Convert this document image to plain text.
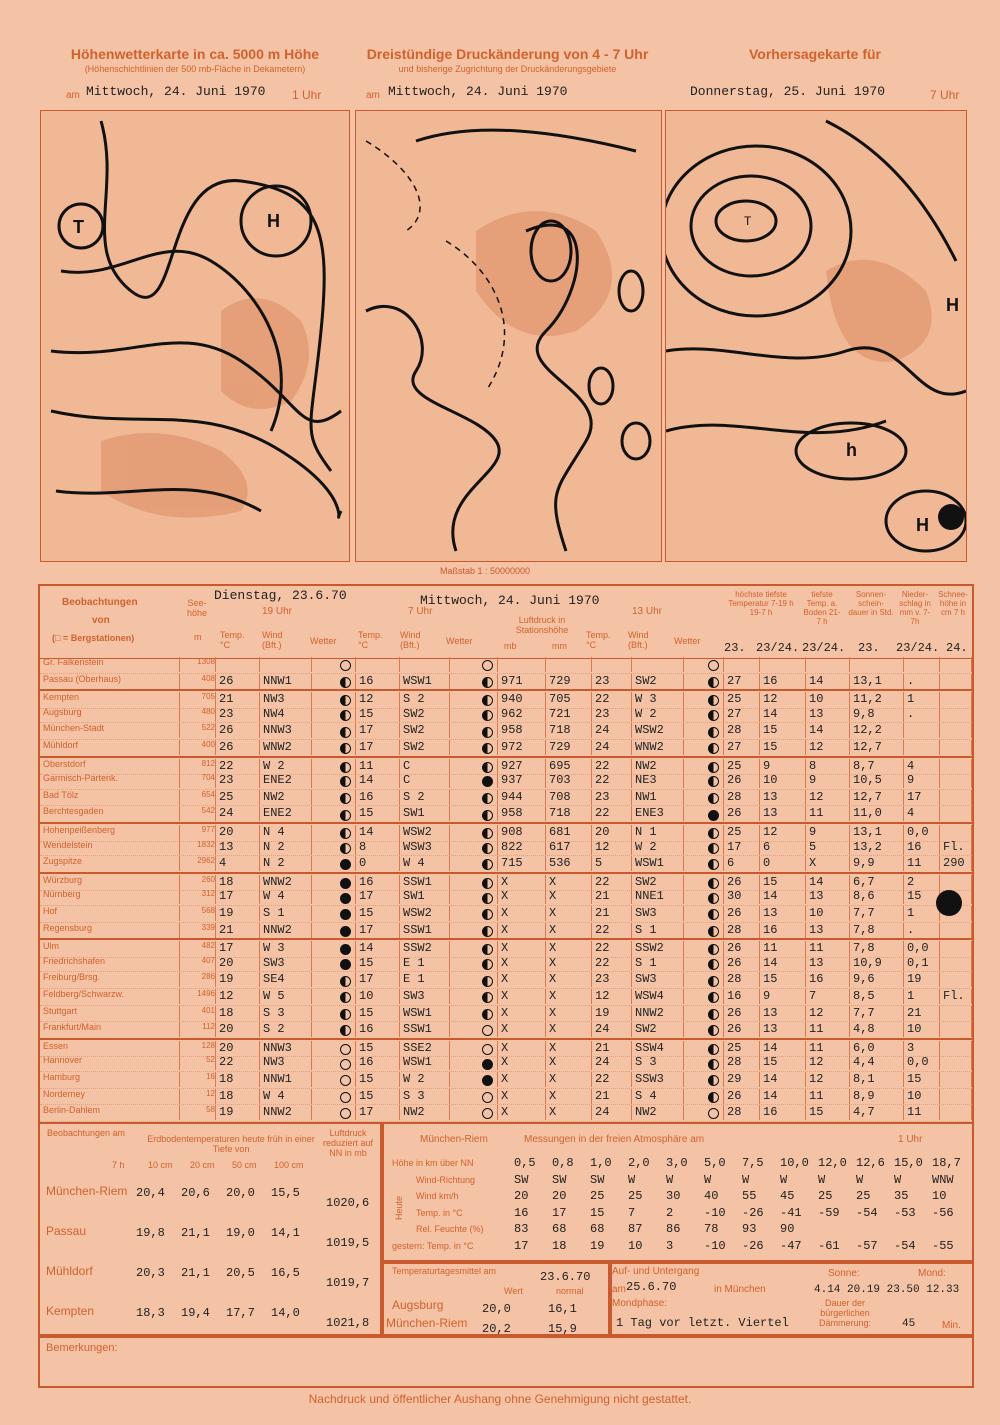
Höhenwetterkarte in ca. 5000 m Höhe
(Höhenschichtlinien der 500 mb-Fläche in Dekametern)
Dreistündige Druckänderung von 4 - 7 Uhr
und bisherige Zugrichtung der Druckänderungsgebiete
Vorhersagekarte für
am Mittwoch, 24. Juni 1970 1 Uhr	am Mittwoch, 24. Juni 1970	Donnerstag, 25. Juni 1970	7 Uhr
T	H	T
h
H
H
Maßstab 1 : 50000000
Beobachtungen
von
(□ = Bergstationen)
See-höhe
m
Dienstag, 23.6.70
19 Uhr
Mittwoch, 24. Juni 1970
7 Uhr	13 Uhr
Temp. °C
Wind (Bft.)	Wetter
Temp. °C
Wind (Bft.)	Wetter
Luftdruck in Stationshöhe
mb	mm
Temp. °C
Wind (Bft.)	Wetter
höchste tiefste Temperatur 7-19 h 19-7 h
tiefste Temp. a. Boden 21-7 h
Sonnen-schein-dauer in Std.
Nieder-schlag in mm v. 7-7h
Schnee-höhe in cm 7 h
23. 23/24. 23/24. 23. 23/24. 24.
Gr. Falkenstein	1308
Passau (Oberhaus)	408 26	NNW1	16	WSW1	971	729	23	SW2	27	16	14	13,1	.
Kempten	705 21	NW3	12	S 2	940	705	22	W 3	25	12	10	11,2	1
Augsburg	480 23	NW4	15	SW2	962	721	23	W 2	27	14	13	9,8	.
München-Stadt	522 26	NNW3	17	SW2	958	718	24	WSW2	28	15	14	12,2
Mühldorf	400 26	WNW2	17	SW2	972	729	24	WNW2	27	15	12	12,7
Oberstdorf	812 22	W 2	11	C	927	695	22	NW2	25	9	8	8,7	4
Garmisch-Partenk.	704 23	ENE2	14	C	937	703	22	NE3	26	10	9	10,5	9
Bad Tölz	654 25	NW2	16	S 2	944	708	23	NW1	28	13	12	12,7	17
Berchtesgaden	542 24	ENE2	15	SW1	958	718	22	ENE3	26	13	11	11,0	4
Hohenpeißenberg	977 20	N 4	14	WSW2	908	681	20	N 1	25	12	9	13,1	0,0
Wendelstein	1832 13	N 2	8	WSW3	822	617	12	W 2	17	6	5	13,2	16	Fl.
Zugspitze	2962 4	N 2	0	W 4	715	536	5	WSW1	6	0	X	9,9	11	290
Würzburg	260 18	WNW2	16	SSW1	X	X	22	SW2	26	15	14	6,7	2
Nürnberg	312 17	W 4	17	SW1	X	X	21	NNE1	30	14	13	8,6	15
Hof	568 19	S 1	15	WSW2	X	X	21	SW3	26	13	10	7,7	1
Regensburg	339 21	NNW2	17	SSW1	X	X	22	S 1	28	16	13	7,8	.
Ulm	482 17	W 3	14	SSW2	X	X	22	SSW2	26	11	11	7,8	0,0
Friedrichshafen	407 20	SW3	15	E 1	X	X	22	S 1	26	14	13	10,9	0,1
Freiburg/Brsg.	286 19	SE4	17	E 1	X	X	23	SW3	28	15	16	9,6	19
Feldberg/Schwarzw.	1496 12	W 5	10	SW3	X	X	12	WSW4	16	9	7	8,5	1	Fl.
Stuttgart	401 18	S 3	15	WSW1	X	X	19	NNW2	26	13	12	7,7	21
Frankfurt/Main	112 20	S 2	16	SSW1	X	X	24	SW2	26	13	11	4,8	10
Essen	128 20	NNW3	15	SSE2	X	X	21	SSW4	25	14	11	6,0	3
Hannover	52 22	NW3	16	WSW1	X	X	24	S 3	28	15	12	4,4	0,0
Hamburg	16 18	NNW1	15	W 2	X	X	22	SSW3	29	14	12	8,1	15
Norderney	12 18	W 4	15	S 3	X	X	21	S 4	26	14	11	8,9	10
Berlin-Dahlem	58 19	NNW2	17	NW2	X	X	24	NW2	28	16	15	4,7	11
Beobachtungen am
7 h
Erdbodentemperaturen heute früh in einer Tiefe von
Luftdruck reduziert auf NN in mb
10 cm 20 cm 50 cm 100 cm
München-Riem 20,4 20,6 20,0 15,5
1020,6
Passau	19,8 21,1 19,0 14,1
1019,5
Mühldorf	20,3 21,1 20,5 16,5
1019,7
Kempten	18,3 19,4 17,7 14,0
1021,8
München-Riem	Messungen in der freien Atmosphäre am	1 Uhr
Heute
Höhe in km über NN	0,5 0,8 1,0 2,0 3,0 5,0 7,5 10,0 12,0 12,6 15,0 18,7
Wind-Richtung	SW SW SW W	W	W	W	W	W	W	W	WNW
Wind km/h	20 20 25 25 30 40 55 45 25 25 35 10
Temp. in °C	16 17 15 7	2	-10 -26 -41 -59 -54 -53 -56
Rel. Feuchte (%)	83 68 68 87 86 78 93 90
gestern: Temp. in °C	17 18 19 10 3	-10 -26 -47 -61 -57 -54 -55
Temperaturtagesmittel am	23.6.70
Wert	normal
Augsburg	20,0	16,1
München-Riem 20,2	15,9
Auf- und Untergang
am 25.6.70	in München
Sonne:	Mond:
4.14 20.19 23.50 12.33
Mondphase:
1 Tag vor letzt. Viertel
Dauer der bürgerlichen Dämmerung:	45	Min.
Bemerkungen:
Nachdruck und öffentlicher Aushang ohne Genehmigung nicht gestattet.
